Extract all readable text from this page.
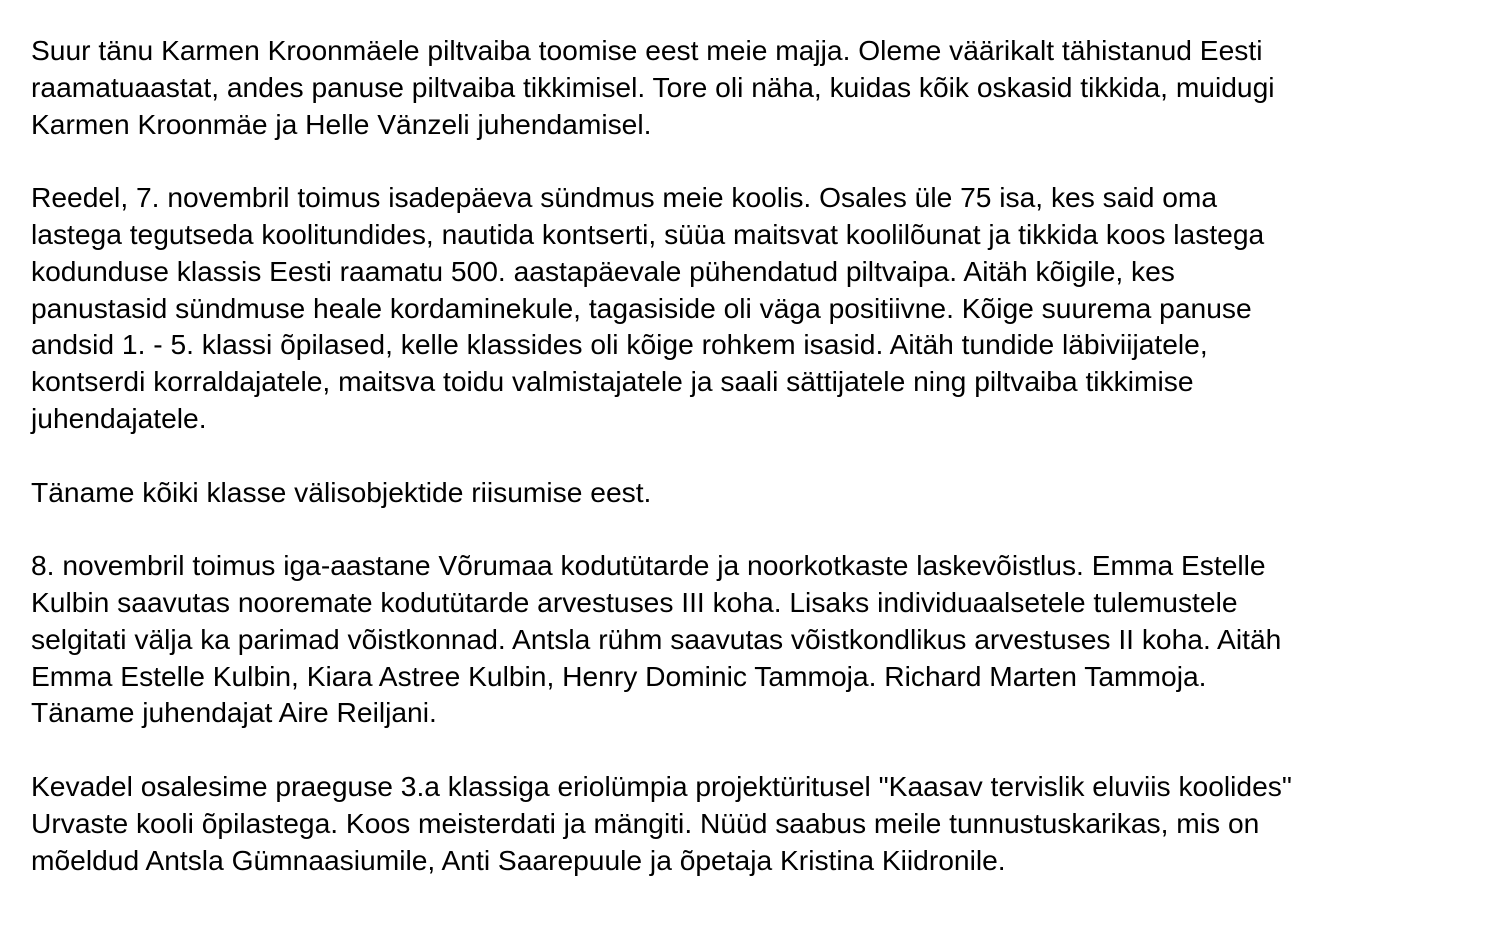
Suur tänu Karmen Kroonmäele piltvaiba toomise eest meie majja. Oleme väärikalt tähistanud Eesti
raamatuaastat, andes panuse piltvaiba tikkimisel. Tore oli näha, kuidas kõik oskasid tikkida, muidugi
Karmen Kroonmäe ja Helle Vänzeli juhendamisel.

Reedel, 7. novembril toimus isadepäeva sündmus meie koolis. Osales üle 75 isa, kes said oma
lastega tegutseda koolitundides, nautida kontserti, süüa maitsvat koolilõunat ja tikkida koos lastega
kodunduse klassis Eesti raamatu 500. aastapäevale pühendatud piltvaipa. Aitäh kõigile, kes
panustasid sündmuse heale kordaminekule, tagasiside oli väga positiivne. Kõige suurema panuse
andsid 1. - 5. klassi õpilased, kelle klassides oli kõige rohkem isasid. Aitäh tundide läbiviijatele,
kontserdi korraldajatele, maitsva toidu valmistajatele ja saali sättijatele ning piltvaiba tikkimise
juhendajatele.

Täname kõiki klasse välisobjektide riisumise eest.

8. novembril toimus iga-aastane Võrumaa kodutütarde ja noorkotkaste laskevõistlus. Emma Estelle
Kulbin saavutas nooremate kodutütarde arvestuses III koha. Lisaks individuaalsetele tulemustele
selgitati välja ka parimad võistkonnad. Antsla rühm saavutas võistkondlikus arvestuses II koha. Aitäh
Emma Estelle Kulbin, Kiara Astree Kulbin, Henry Dominic Tammoja. Richard Marten Tammoja.
Täname juhendajat Aire Reiljani.

Kevadel osalesime praeguse 3.a klassiga eriolümpia projektüritusel "Kaasav tervislik eluviis koolides"
Urvaste kooli õpilastega. Koos meisterdati ja mängiti. Nüüd saabus meile tunnustuskarikas, mis on
mõeldud Antsla Gümnaasiumile, Anti Saarepuule ja õpetaja Kristina Kiidronile.
